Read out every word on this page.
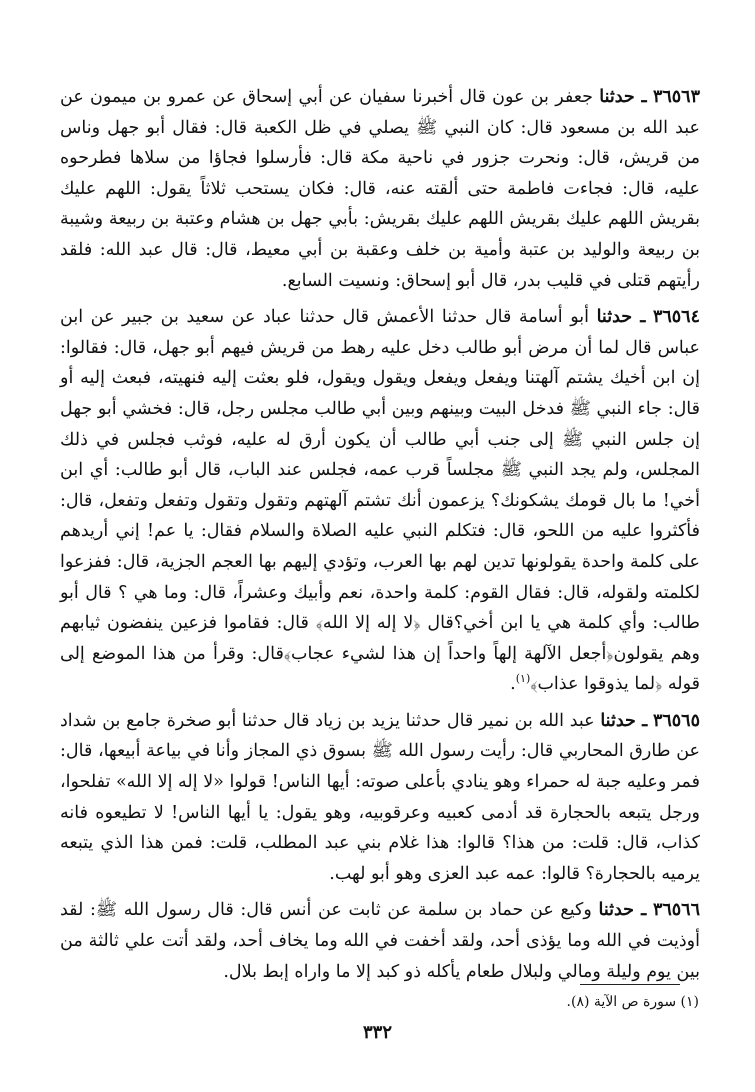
٣٦٥٦٣ ـ حدثنا جعفر بن عون قال أخبرنا سفيان عن أبي إسحاق عن عمرو بن ميمون عن عبد الله بن مسعود قال: كان النبي ﷺ يصلي في ظل الكعبة قال: فقال أبو جهل وناس من قريش، قال: ونحرت جزور في ناحية مكة قال: فأرسلوا فجاؤا من سلاها فطرحوه عليه، قال: فجاءت فاطمة حتى ألقته عنه، قال: فكان يستحب ثلاثاً يقول: اللهم عليك بقريش اللهم عليك بقريش اللهم عليك بقريش: بأبي جهل بن هشام وعتبة بن ربيعة وشيبة بن ربيعة والوليد بن عتبة وأمية بن خلف وعقبة بن أبي معيط، قال: قال عبد الله: فلقد رأيتهم قتلى في قليب بدر، قال أبو إسحاق: ونسيت السابع.

٣٦٥٦٤ ـ حدثنا أبو أسامة قال حدثنا الأعمش قال حدثنا عباد عن سعيد بن جبير عن ابن عباس قال لما أن مرض أبو طالب دخل عليه رهط من قريش فيهم أبو جهل، قال: فقالوا: إن ابن أخيك يشتم آلهتنا ويفعل ويفعل ويقول ويقول، فلو بعثت إليه فنهيته، فبعث إليه أو قال: جاء النبي ﷺ فدخل البيت وبينهم وبين أبي طالب مجلس رجل، قال: فخشي أبو جهل إن جلس النبي ﷺ إلى جنب أبي طالب أن يكون أرق له عليه، فوثب فجلس في ذلك المجلس، ولم يجد النبي ﷺ مجلساً قرب عمه، فجلس عند الباب، قال أبو طالب: أي ابن أخي! ما بال قومك يشكونك؟ يزعمون أنك تشتم آلهتهم وتقول وتقول وتفعل وتفعل، قال: فأكثروا عليه من اللحو، قال: فتكلم النبي عليه الصلاة والسلام فقال: يا عم! إني أريدهم على كلمة واحدة يقولونها تدين لهم بها العرب، وتؤدي إليهم بها العجم الجزية، قال: ففزعوا لكلمته ولقوله، قال: فقال القوم: كلمة واحدة، نعم وأبيك وعشراً، قال: وما هي ؟ قال أبو طالب: وأي كلمة هي يا ابن أخي؟قال ﴿لا إله إلا الله﴾ قال: فقاموا فزعين ينفضون ثيابهم وهم يقولون﴿أجعل الآلهة إلهاً واحداً إن هذا لشيء عجاب﴾قال: وقرأ من هذا الموضع إلى قوله ﴿لما يذوقوا عذاب﴾$^{(١)}$.

٣٦٥٦٥ ـ حدثنا عبد الله بن نمير قال حدثنا يزيد بن زياد قال حدثنا أبو صخرة جامع بن شداد عن طارق المحاربي قال: رأيت رسول الله ﷺ بسوق ذي المجاز وأنا في بياعة أبيعها، قال: فمر وعليه جبة له حمراء وهو ينادي بأعلى صوته: أيها الناس! قولوا «لا إله إلا الله» تفلحوا، ورجل يتبعه بالحجارة قد أدمى كعبيه وعرقوبيه، وهو يقول: يا أيها الناس! لا تطيعوه فانه كذاب، قال: قلت: من هذا؟ قالوا: هذا غلام بني عبد المطلب، قلت: فمن هذا الذي يتبعه يرميه بالحجارة؟ قالوا: عمه عبد العزى وهو أبو لهب.

٣٦٥٦٦ ـ حدثنا وكيع عن حماد بن سلمة عن ثابت عن أنس قال: قال رسول الله ﷺ: لقد أوذيت في الله وما يؤذى أحد، ولقد أخفت في الله وما يخاف أحد، ولقد أتت علي ثالثة من بين يوم وليلة ومالي ولبلال طعام يأكله ذو كبد إلا ما واراه إبط بلال.

(١) سورة ص الآية (٨).
٣٣٢
